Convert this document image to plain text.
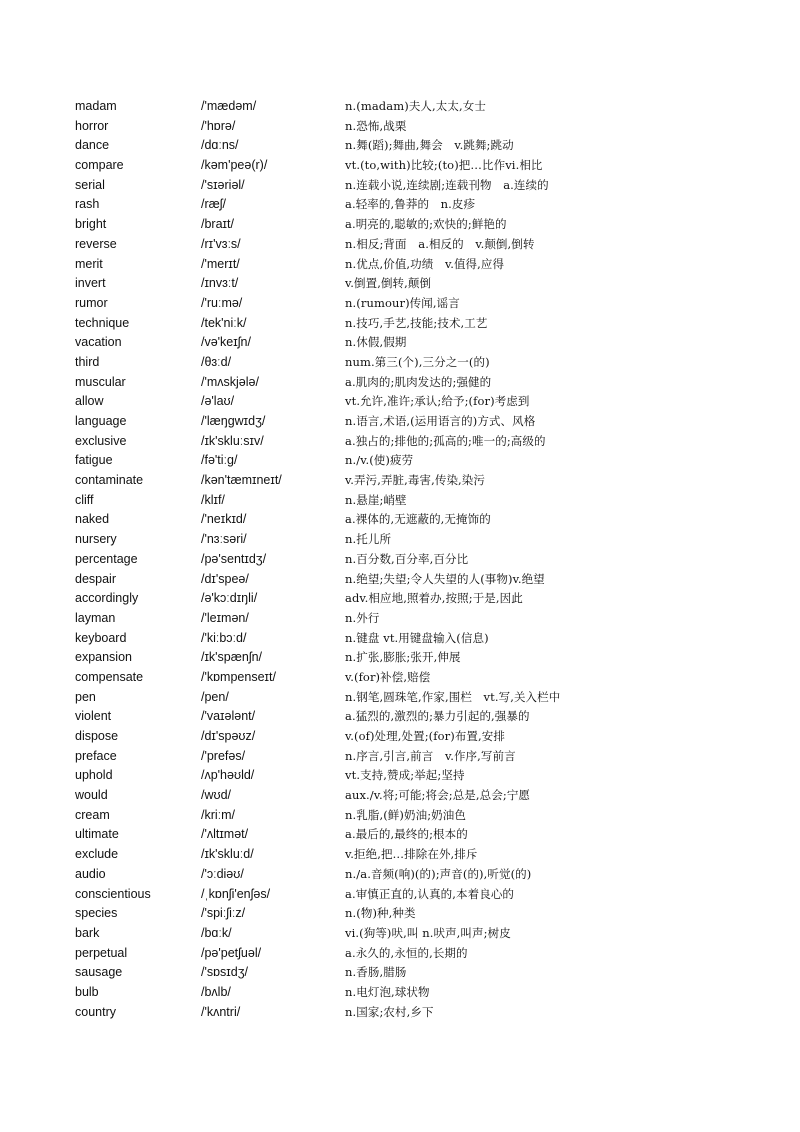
madam	/'mædəm/	n.(madam)夫人,太太,女士
horror	/'hɒrə/	n.恐怖,战栗
dance	/dɑːns/	n.舞(蹈);舞曲,舞会　v.跳舞;跳动
compare	/kəm'peə(r)/	vt.(to,with)比较;(to)把…比作vi.相比
serial	/'sɪəriəl/	n.连载小说,连续剧;连载刊物　a.连续的
rash	/ræʃ/	a.轻率的,鲁莽的　n.皮疹
bright	/braɪt/	a.明亮的,聪敏的;欢快的;鲜艳的
reverse	/rɪ'vɜːs/	n.相反;背面　a.相反的　v.颠倒,倒转
merit	/'merɪt/	n.优点,价值,功绩　v.值得,应得
invert	/ɪnvɜːt/	v.倒置,倒转,颠倒
rumor	/'ruːmə/	n.(rumour)传闻,谣言
technique	/tek'niːk/	n.技巧,手艺,技能;技术,工艺
vacation	/və'keɪʃn/	n.休假,假期
third	/θɜːd/	num.第三(个),三分之一(的)
muscular	/'mʌskjələ/	a.肌肉的;肌肉发达的;强健的
allow	/ə'laʊ/	vt.允许,准许;承认;给予;(for)考虑到
language	/'læŋgwɪdʒ/	n.语言,术语,(运用语言的)方式、风格
exclusive	/ɪk'skluːsɪv/	a.独占的;排他的;孤高的;唯一的;高级的
fatigue	/fə'tiːg/	n./v.(使)疲劳
contaminate	/kən'tæmɪneɪt/	v.弄污,弄脏,毒害,传染,染污
cliff	/klɪf/	n.悬崖;峭壁
naked	/'neɪkɪd/	a.裸体的,无遮蔽的,无掩饰的
nursery	/'nɜːsəri/	n.托儿所
percentage	/pə'sentɪdʒ/	n.百分数,百分率,百分比
despair	/dɪ'speə/	n.绝望;失望;令人失望的人(事物)v.绝望
accordingly	/ə'kɔːdɪŋli/	adv.相应地,照着办,按照;于是,因此
layman	/'leɪmən/	n.外行
keyboard	/'kiːbɔːd/	n.键盘 vt.用键盘输入(信息)
expansion	/ɪk'spænʃn/	n.扩张,膨胀;张开,伸展
compensate	/'kɒmpenseɪt/	v.(for)补偿,赔偿
pen	/pen/	n.钢笔,圆珠笔,作家,围栏　vt.写,关入栏中
violent	/'vaɪələnt/	a.猛烈的,激烈的;暴力引起的,强暴的
dispose	/dɪ'spəʊz/	v.(of)处理,处置;(for)布置,安排
preface	/'prefəs/	n.序言,引言,前言　v.作序,写前言
uphold	/ʌp'həʊld/	vt.支持,赞成;举起;坚持
would	/wʊd/	aux./v.将;可能;将会;总是,总会;宁愿
cream	/kriːm/	n.乳脂,(鲜)奶油;奶油色
ultimate	/'ʌltɪmət/	a.最后的,最终的;根本的
exclude	/ɪk'skluːd/	v.拒绝,把…排除在外,排斥
audio	/'ɔːdiəʊ/	n./a.音频(响)(的);声音(的),听觉(的)
conscientious	/ˌkɒnʃi'enʃəs/	a.审慎正直的,认真的,本着良心的
species	/'spiːʃiːz/	n.(物)种,种类
bark	/bɑːk/	vi.(狗等)吠,叫 n.吠声,叫声;树皮
perpetual	/pə'petʃuəl/	a.永久的,永恒的,长期的
sausage	/'sɒsɪdʒ/	n.香肠,腊肠
bulb	/bʌlb/	n.电灯泡,球状物
country	/'kʌntri/	n.国家;农村,乡下
